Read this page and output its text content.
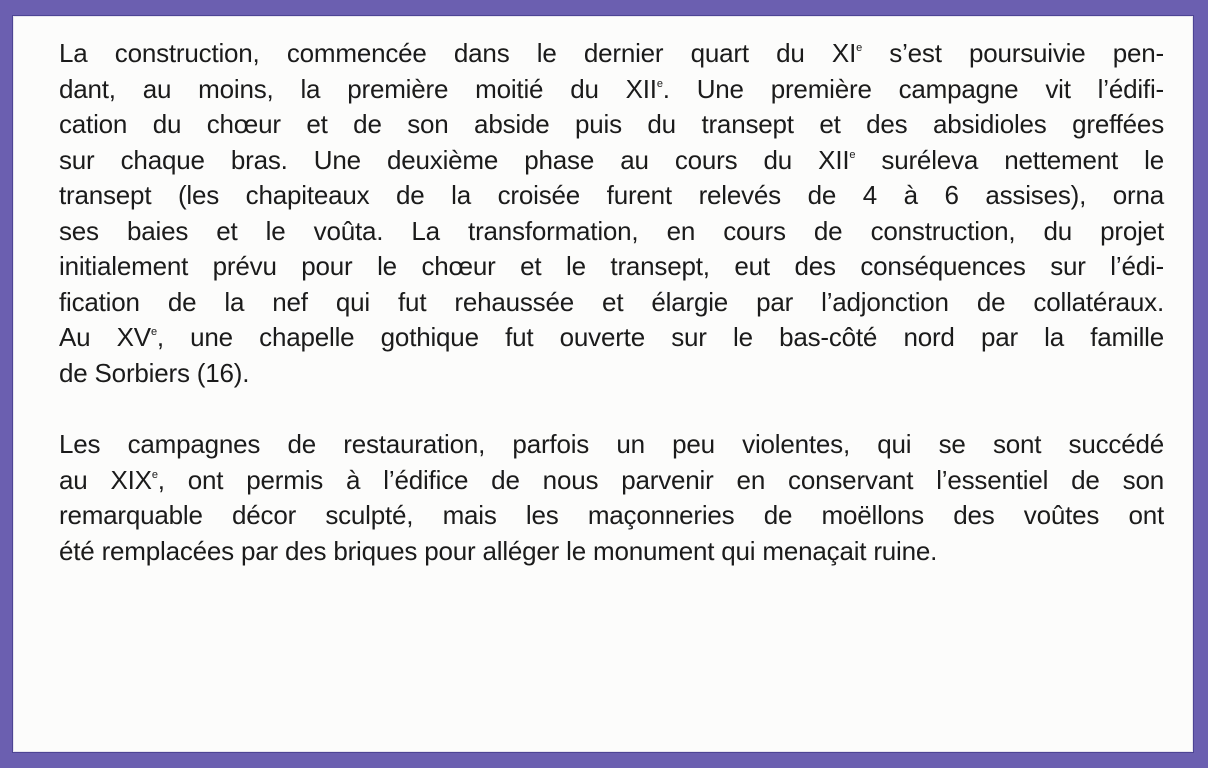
La construction, commencée dans le dernier quart du XIe s’est poursuivie pen-
dant, au moins, la première moitié du XIIe. Une première campagne vit l’édifi-
cation du chœur et de son abside puis du transept et des absidioles greffées
sur chaque bras. Une deuxième phase au cours du XIIe suréleva nettement le
transept (les chapiteaux de la croisée furent relevés de 4 à 6 assises), orna
ses baies et le voûta. La transformation, en cours de construction, du projet
initialement prévu pour le chœur et le transept, eut des conséquences sur l’édi-
fication de la nef qui fut rehaussée et élargie par l’adjonction de collatéraux.
Au XVe, une chapelle gothique fut ouverte sur le bas-côté nord par la famille
de Sorbiers (16).
Les campagnes de restauration, parfois un peu violentes, qui se sont succédé
au XIXe, ont permis à l’édifice de nous parvenir en conservant l’essentiel de son
remarquable décor sculpté, mais les maçonneries de moëllons des voûtes ont
été remplacées par des briques pour alléger le monument qui menaçait ruine.
